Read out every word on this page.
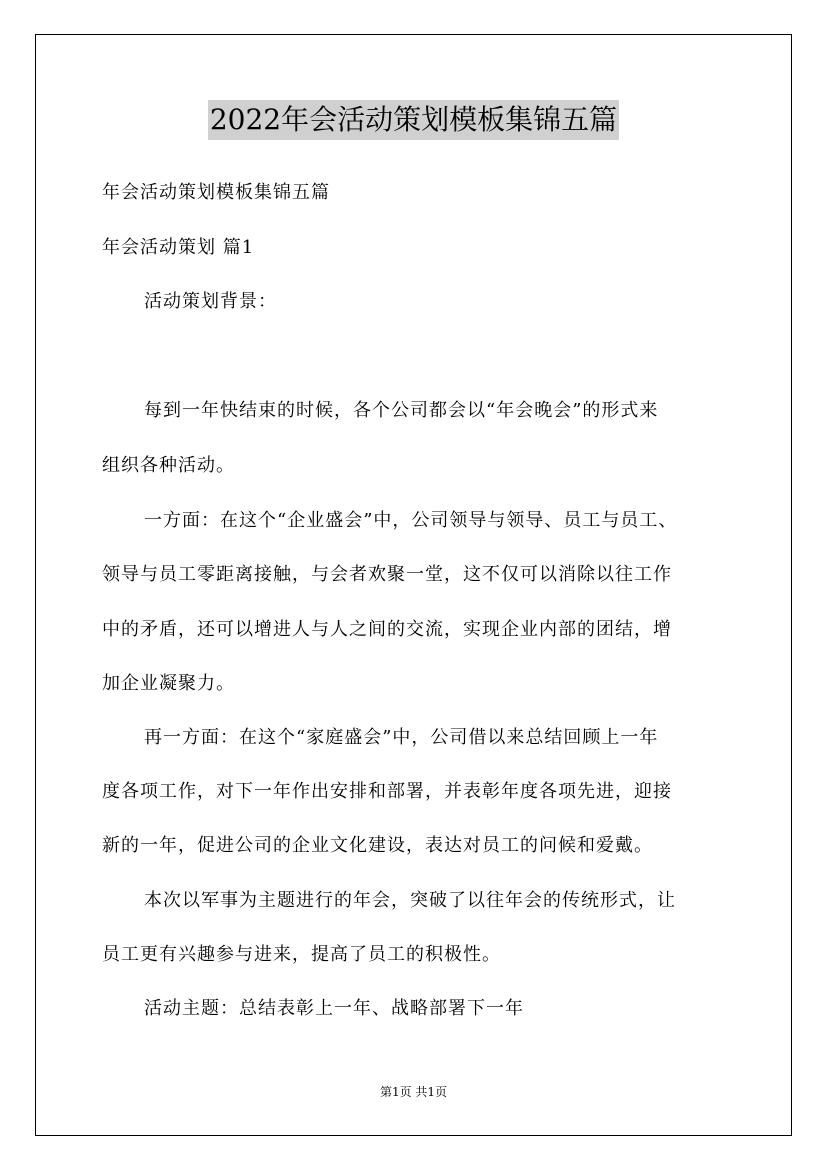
2022年会活动策划模板集锦五篇
年会活动策划模板集锦五篇
年会活动策划 篇1
活动策划背景：
每到一年快结束的时候，各个公司都会以“年会晚会”的形式来
组织各种活动。
一方面：在这个“企业盛会”中，公司领导与领导、员工与员工、
领导与员工零距离接触，与会者欢聚一堂，这不仅可以消除以往工作
中的矛盾，还可以增进人与人之间的交流，实现企业内部的团结，增
加企业凝聚力。
再一方面：在这个“家庭盛会”中，公司借以来总结回顾上一年
度各项工作，对下一年作出安排和部署，并表彰年度各项先进，迎接
新的一年，促进公司的企业文化建设，表达对员工的问候和爱戴。
本次以军事为主题进行的年会，突破了以往年会的传统形式，让
员工更有兴趣参与进来，提高了员工的积极性。
活动主题：总结表彰上一年、战略部署下一年
第1页 共1页
